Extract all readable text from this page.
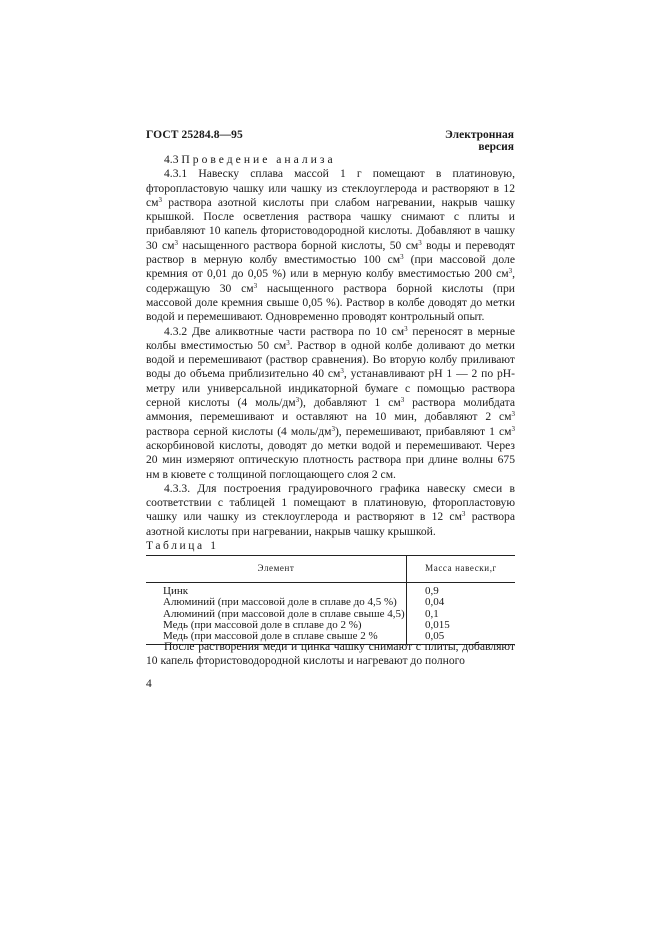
ГОСТ 25284.8—95	Электронная версия

4.3 Проведение анализа

4.3.1 Навеску сплава массой 1 г помещают в платиновую, фторопластовую чашку или чашку из стеклоуглерода и растворяют в 12 $см^3$ раствора азотной кислоты при слабом нагревании, накрыв чашку крышкой. После осветления раствора чашку снимают с плиты и прибавляют 10 капель фтористоводородной кислоты. Добавляют в чашку 30 $см^3$ насыщенного раствора борной кислоты, 50 $см^3$ воды и переводят раствор в мерную колбу вместимостью 100 $см^3$ (при массовой доле кремния от 0,01 до 0,05 %) или в мерную колбу вместимостью 200 $см^3$, содержащую 30 $см^3$ насыщенного раствора борной кислоты (при массовой доле кремния свыше 0,05 %). Раствор в колбе доводят до метки водой и перемешивают. Одновременно проводят контрольный опыт.

4.3.2 Две аликвотные части раствора по 10 $см^3$ переносят в мерные колбы вместимостью 50 $см^3$. Раствор в одной колбе доливают до метки водой и перемешивают (раствор сравнения). Во вторую колбу приливают воды до объема приблизительно 40 $см^3$, устанавливают pH 1 — 2 по pH-метру или универсальной индикаторной бумаге с помощью раствора серной кислоты (4 моль/$дм^3$), добавляют 1 $см^3$ раствора молибдата аммония, перемешивают и оставляют на 10 мин, добавляют 2 $см^3$ раствора серной кислоты (4 моль/$дм^3$), перемешивают, прибавляют 1 $см^3$ аскорбиновой кислоты, доводят до метки водой и перемешивают. Через 20 мин измеряют оптическую плотность раствора при длине волны 675 нм в кювете с толщиной поглощающего слоя 2 см.

4.3.3. Для построения градуировочного графика навеску смеси в соответствии с таблицей 1 помещают в платиновую, фторопластовую чашку или чашку из стеклоуглерода и растворяют в 12 $см^3$ раствора азотной кислоты при нагревании, накрыв чашку крышкой.

Таблица 1
Элемент	Масса навески,г
Цинк	0,9
Алюминий (при массовой доле в сплаве до 4,5 %)	0,04
Алюминий (при массовой доле в сплаве свыше 4,5)	0,1
Медь (при массовой доле в сплаве до 2 %)	0,015
Медь (при массовой доле в сплаве свыше 2 %	0,05

После растворения меди и цинка чашку снимают с плиты, добавляют 10 капель фтористоводородной кислоты и нагревают до полного

4
